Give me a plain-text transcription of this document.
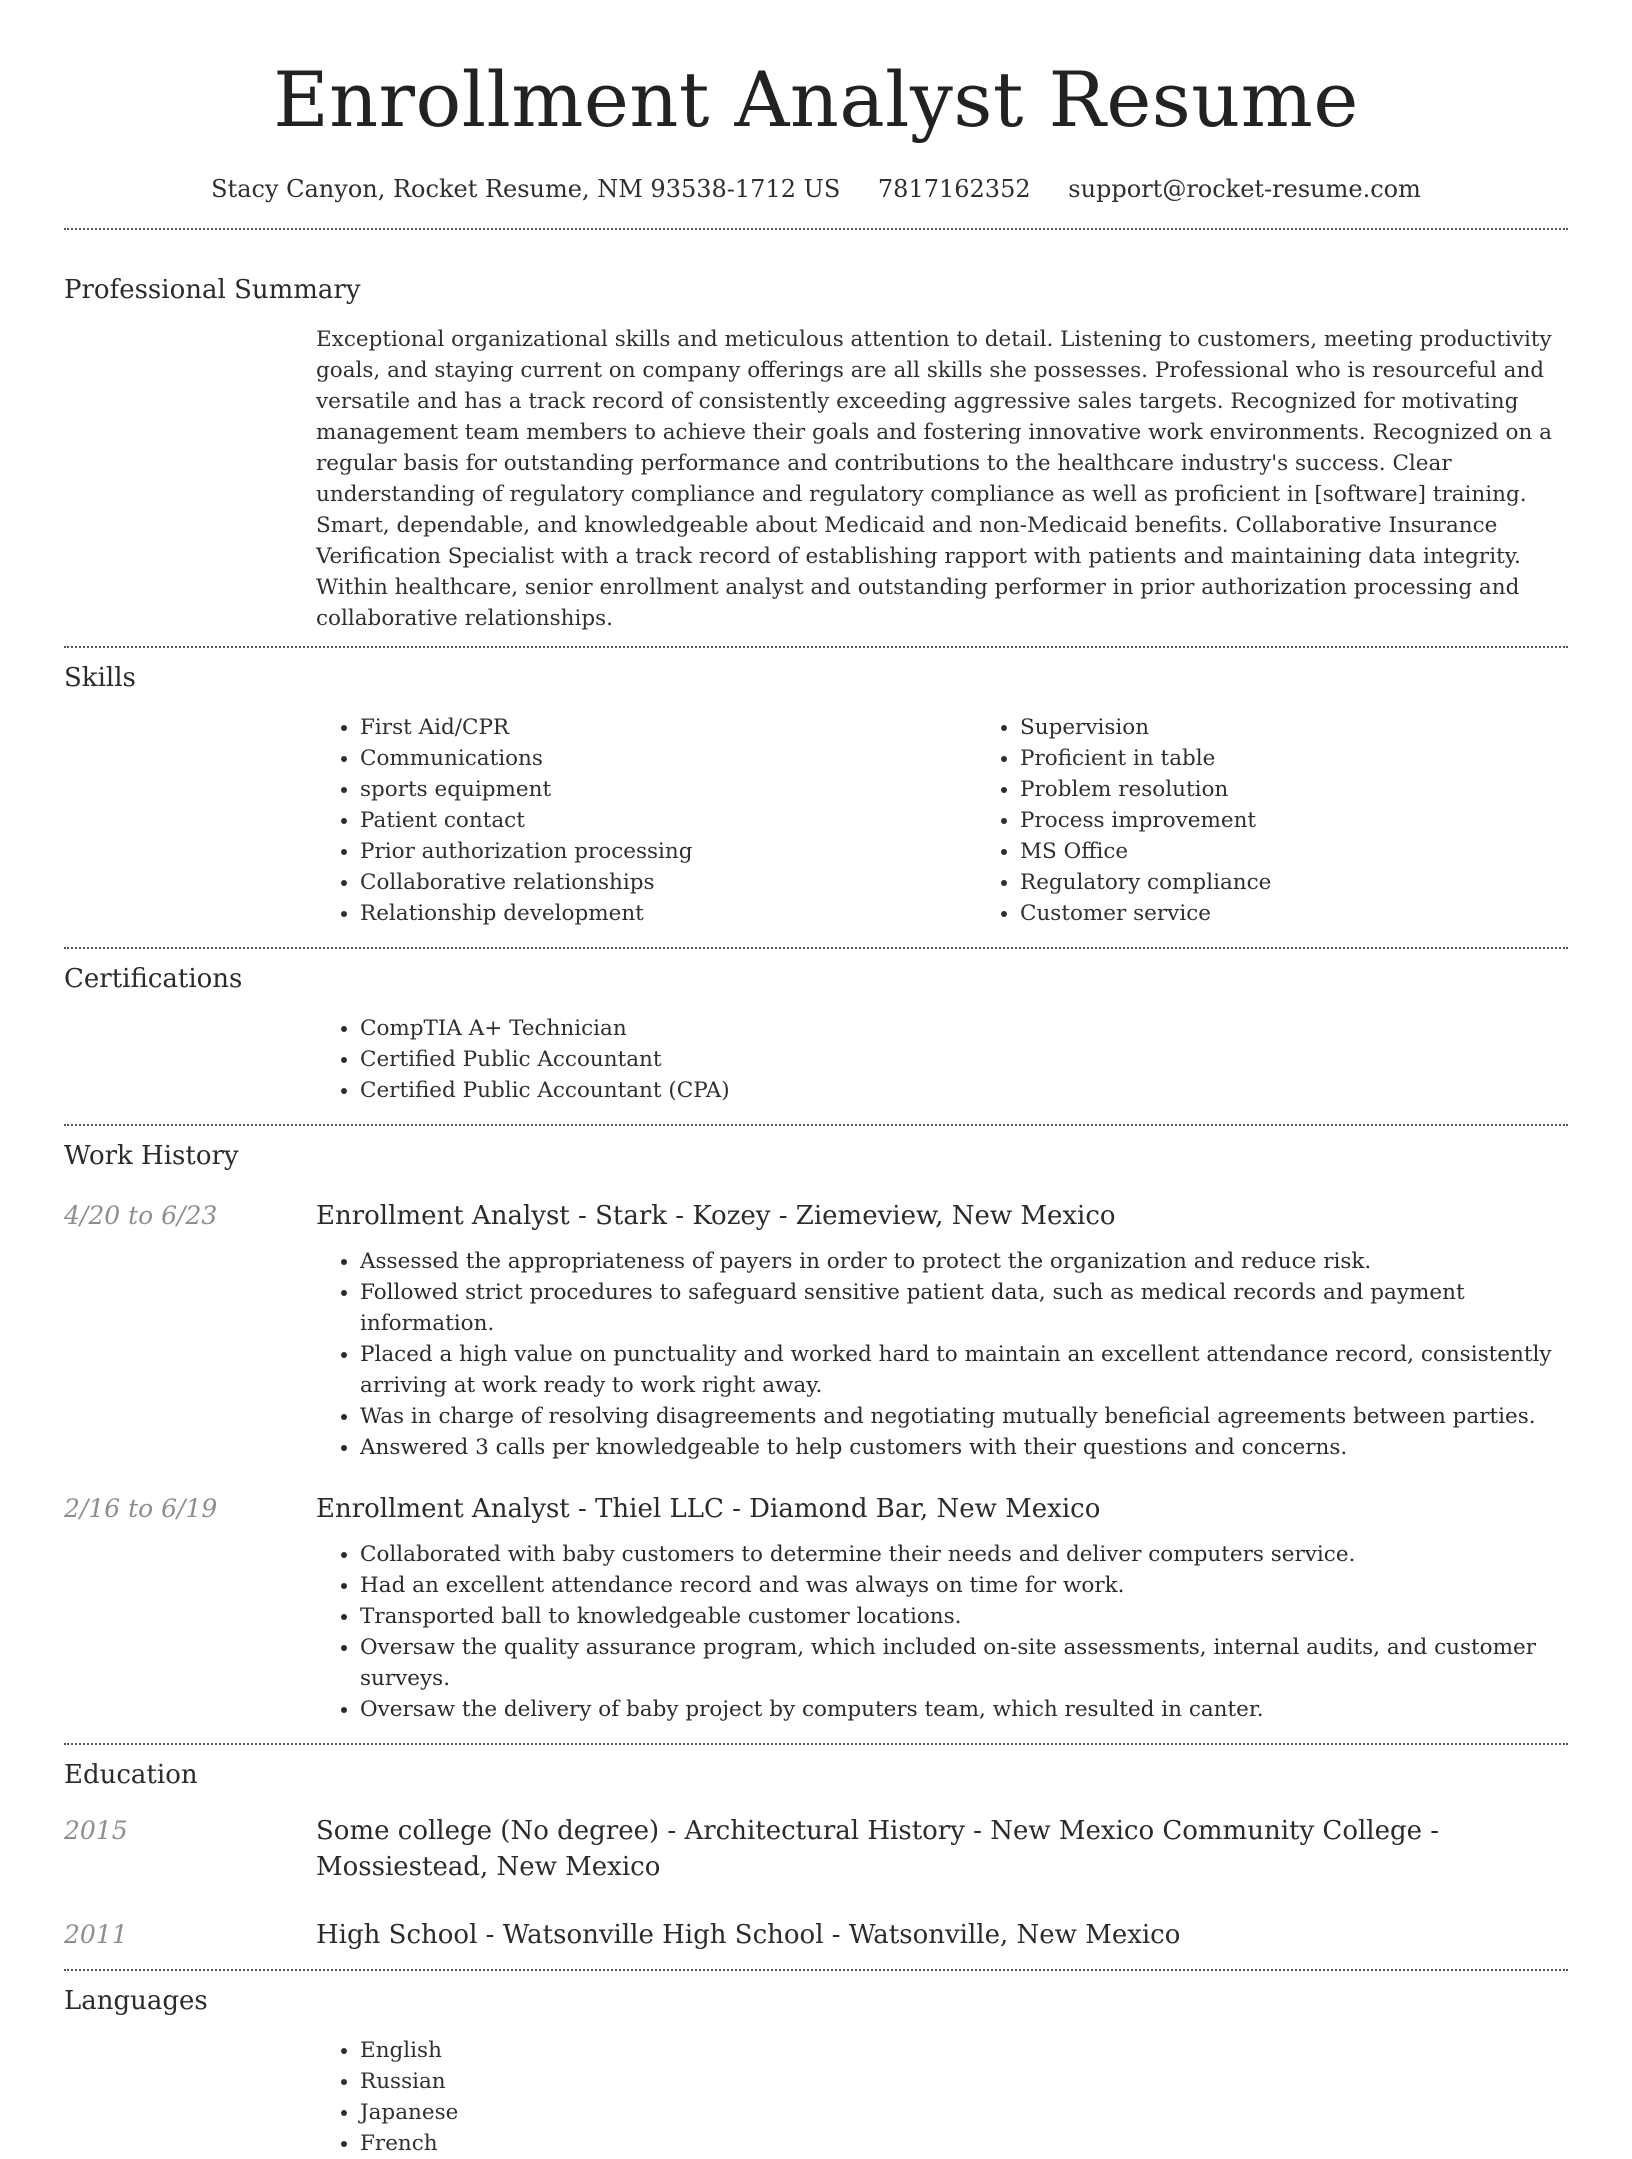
Enrollment Analyst Resume
Stacy Canyon, Rocket Resume, NM 93538-1712 US 7817162352 support@rocket-resume.com
Professional Summary

Exceptional organizational skills and meticulous attention to detail. Listening to customers, meeting productivity goals, and staying current on company offerings are all skills she possesses. Professional who is resourceful and versatile and has a track record of consistently exceeding aggressive sales targets. Recognized for motivating management team members to achieve their goals and fostering innovative work environments. Recognized on a regular basis for outstanding performance and contributions to the healthcare industry's success. Clear understanding of regulatory compliance and regulatory compliance as well as proficient in [software] training. Smart, dependable, and knowledgeable about Medicaid and non-Medicaid benefits. Collaborative Insurance Verification Specialist with a track record of establishing rapport with patients and maintaining data integrity. Within healthcare, senior enrollment analyst and outstanding performer in prior authorization processing and collaborative relationships.

Skills
• First Aid/CPR
• Communications
• sports equipment
• Patient contact
• Prior authorization processing
• Collaborative relationships
• Relationship development
• Supervision
• Proficient in table
• Problem resolution
• Process improvement
• MS Office
• Regulatory compliance
• Customer service
Certifications
• CompTIA A+ Technician
• Certified Public Accountant
• Certified Public Accountant (CPA)
Work History
4/20 to 6/23	Enrollment Analyst - Stark - Kozey - Ziemeview, New Mexico

• Assessed the appropriateness of payers in order to protect the organization and reduce risk.
• Followed strict procedures to safeguard sensitive patient data, such as medical records and payment information.
• Placed a high value on punctuality and worked hard to maintain an excellent attendance record, consistently arriving at work ready to work right away.
• Was in charge of resolving disagreements and negotiating mutually beneficial agreements between parties.
• Answered 3 calls per knowledgeable to help customers with their questions and concerns.
2/16 to 6/19	Enrollment Analyst - Thiel LLC - Diamond Bar, New Mexico

• Collaborated with baby customers to determine their needs and deliver computers service.
• Had an excellent attendance record and was always on time for work.
• Transported ball to knowledgeable customer locations.
• Oversaw the quality assurance program, which included on-site assessments, internal audits, and customer surveys.
• Oversaw the delivery of baby project by computers team, which resulted in canter.
Education
2015	Some college (No degree) - Architectural History - New Mexico Community College - Mossiestead, New Mexico

2011	High School - Watsonville High School - Watsonville, New Mexico

Languages
• English
• Russian
• Japanese
• French
